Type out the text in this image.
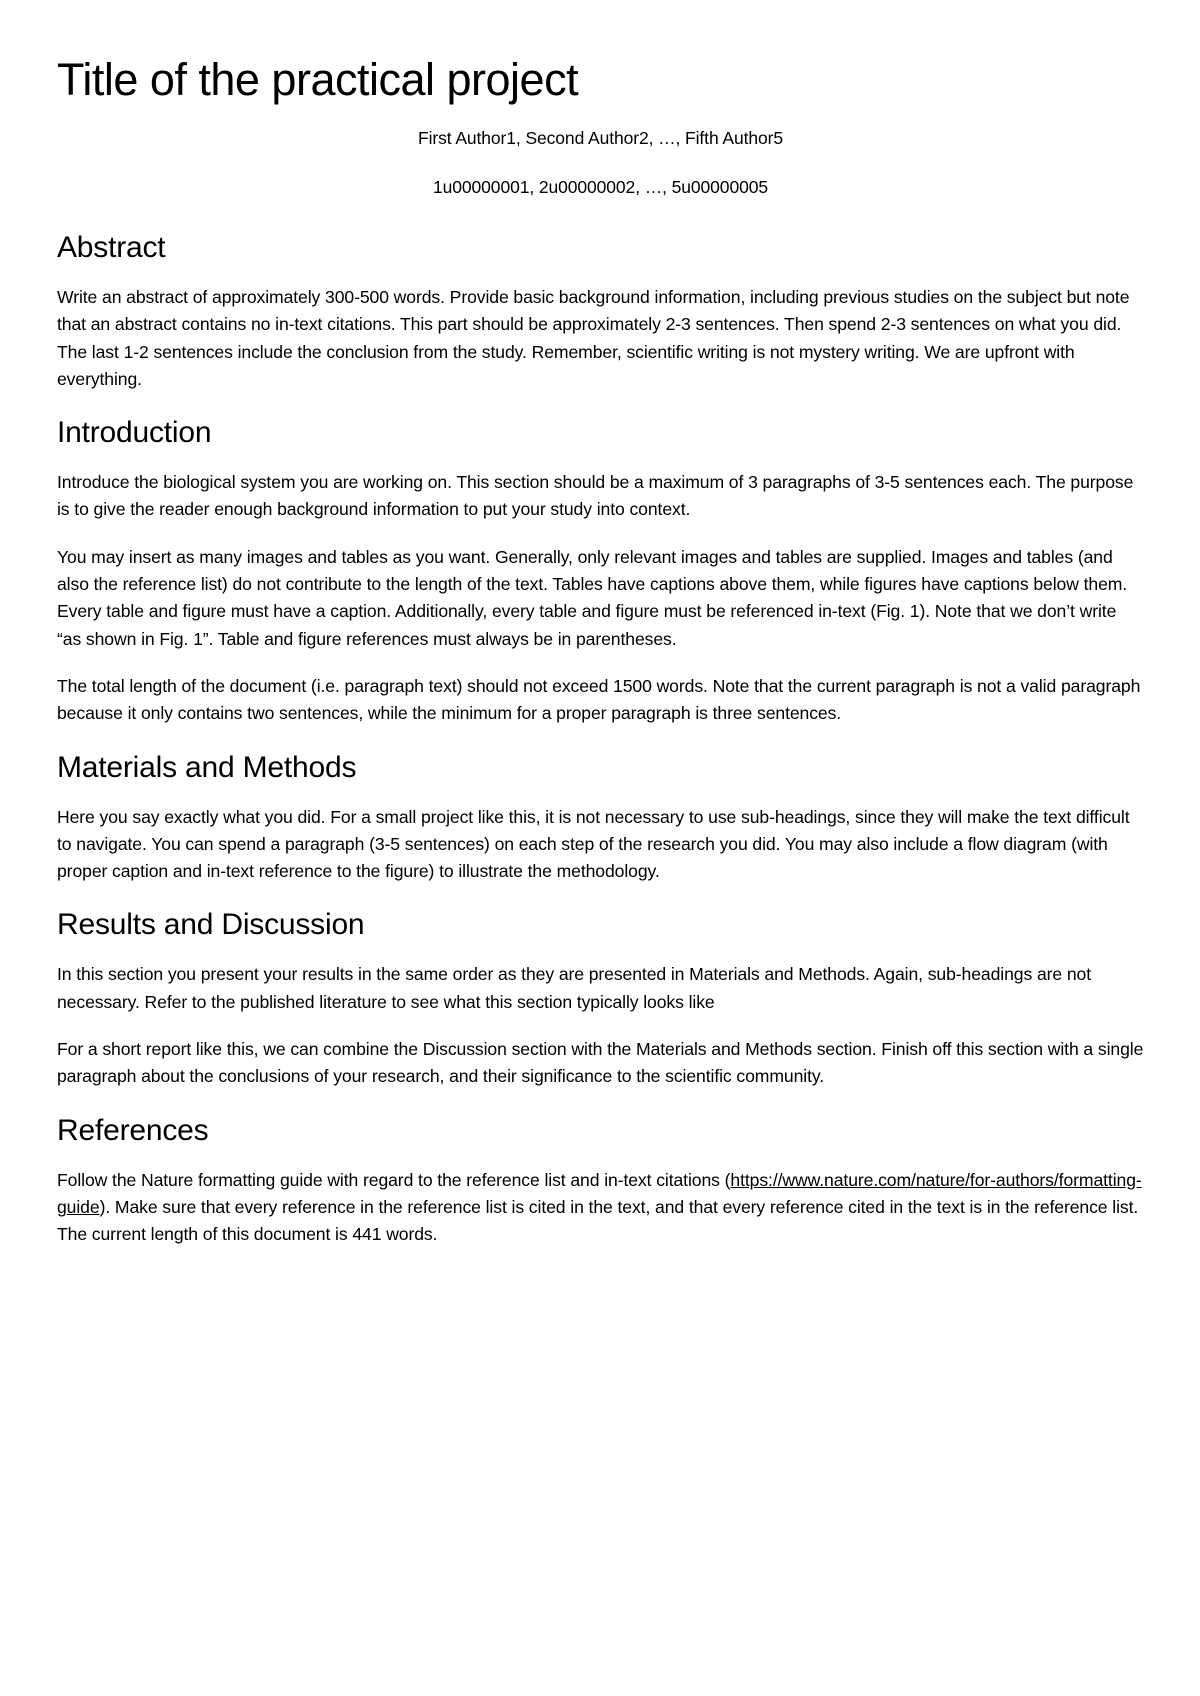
Title of the practical project

First Author1, Second Author2, …, Fifth Author5

1u00000001, 2u00000002, …, 5u00000005

Abstract

Write an abstract of approximately 300-500 words. Provide basic background information, including previous studies on the subject but note that an abstract contains no in-text citations. This part should be approximately 2-3 sentences. Then spend 2-3 sentences on what you did. The last 1-2 sentences include the conclusion from the study. Remember, scientific writing is not mystery writing. We are upfront with everything.

Introduction

Introduce the biological system you are working on. This section should be a maximum of 3 paragraphs of 3-5 sentences each. The purpose is to give the reader enough background information to put your study into context.

You may insert as many images and tables as you want. Generally, only relevant images and tables are supplied. Images and tables (and also the reference list) do not contribute to the length of the text. Tables have captions above them, while figures have captions below them. Every table and figure must have a caption. Additionally, every table and figure must be referenced in-text (Fig. 1). Note that we don’t write “as shown in Fig. 1”. Table and figure references must always be in parentheses.

The total length of the document (i.e. paragraph text) should not exceed 1500 words. Note that the current paragraph is not a valid paragraph because it only contains two sentences, while the minimum for a proper paragraph is three sentences.

Materials and Methods

Here you say exactly what you did. For a small project like this, it is not necessary to use sub-headings, since they will make the text difficult to navigate. You can spend a paragraph (3-5 sentences) on each step of the research you did. You may also include a flow diagram (with proper caption and in-text reference to the figure) to illustrate the methodology.

Results and Discussion

In this section you present your results in the same order as they are presented in Materials and Methods. Again, sub-headings are not necessary. Refer to the published literature to see what this section typically looks like

For a short report like this, we can combine the Discussion section with the Materials and Methods section. Finish off this section with a single paragraph about the conclusions of your research, and their significance to the scientific community.

References

Follow the Nature formatting guide with regard to the reference list and in-text citations (https://www.nature.com/nature/for-authors/formatting-guide). Make sure that every reference in the reference list is cited in the text, and that every reference cited in the text is in the reference list. The current length of this document is 441 words.
